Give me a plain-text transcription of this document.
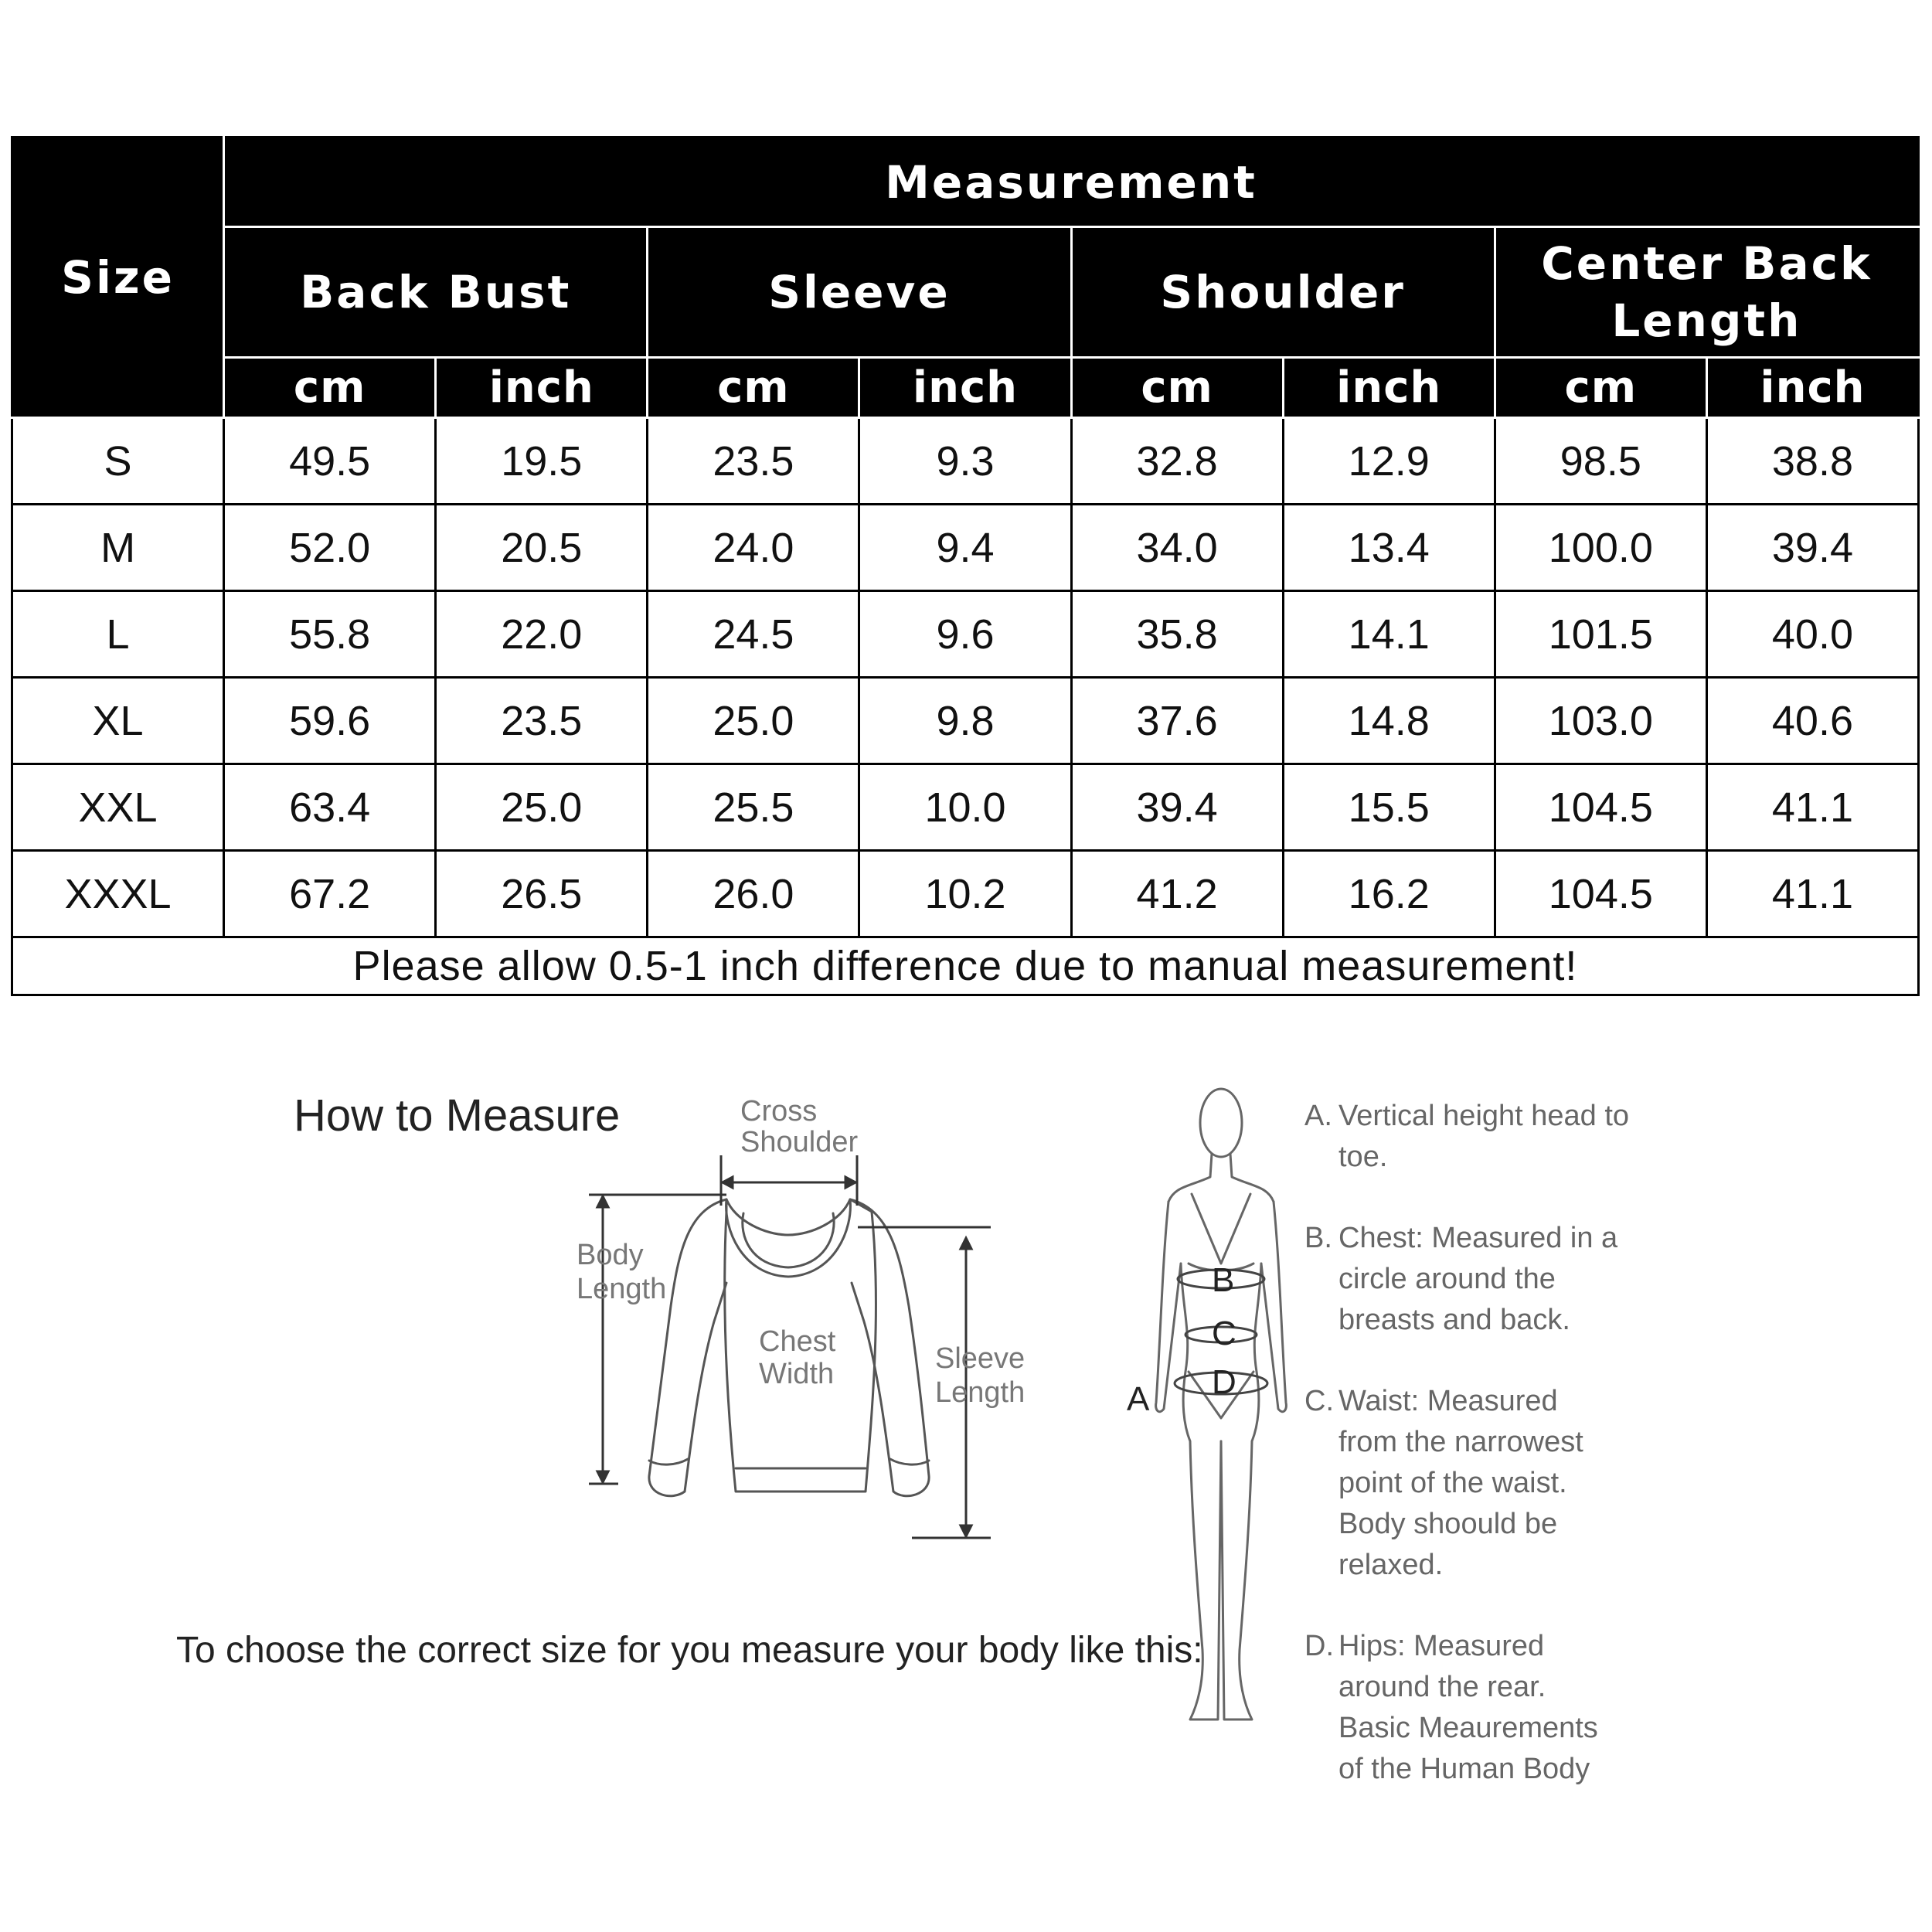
Size	Measurement							
	Back Bust		Sleeve		Shoulder		Center Back Length	
	cm	inch	cm	inch	cm	inch	cm	inch
S	49.5	19.5	23.5	9.3	32.8	12.9	98.5	38.8
M	52.0	20.5	24.0	9.4	34.0	13.4	100.0	39.4
L	55.8	22.0	24.5	9.6	35.8	14.1	101.5	40.0
XL	59.6	23.5	25.0	9.8	37.6	14.8	103.0	40.6
XXL	63.4	25.0	25.5	10.0	39.4	15.5	104.5	41.1
XXXL	67.2	26.5	26.0	10.2	41.2	16.2	104.5	41.1
Please allow 0.5-1 inch difference due to manual measurement!								
How to Measure	Cross
Shoulder
Body
Length
Chest
Width	Sleeve
Length
To choose the correct size for you measure your body like this:
B
C
D
A
A. Vertical height head to toe.
B. Chest: Measured in a circle around the breasts and back.
C. Waist: Measured from the narrowest point of the waist. Body shoould be relaxed.
D. Hips: Measured around the rear. Basic Meaurements of the Human Body
